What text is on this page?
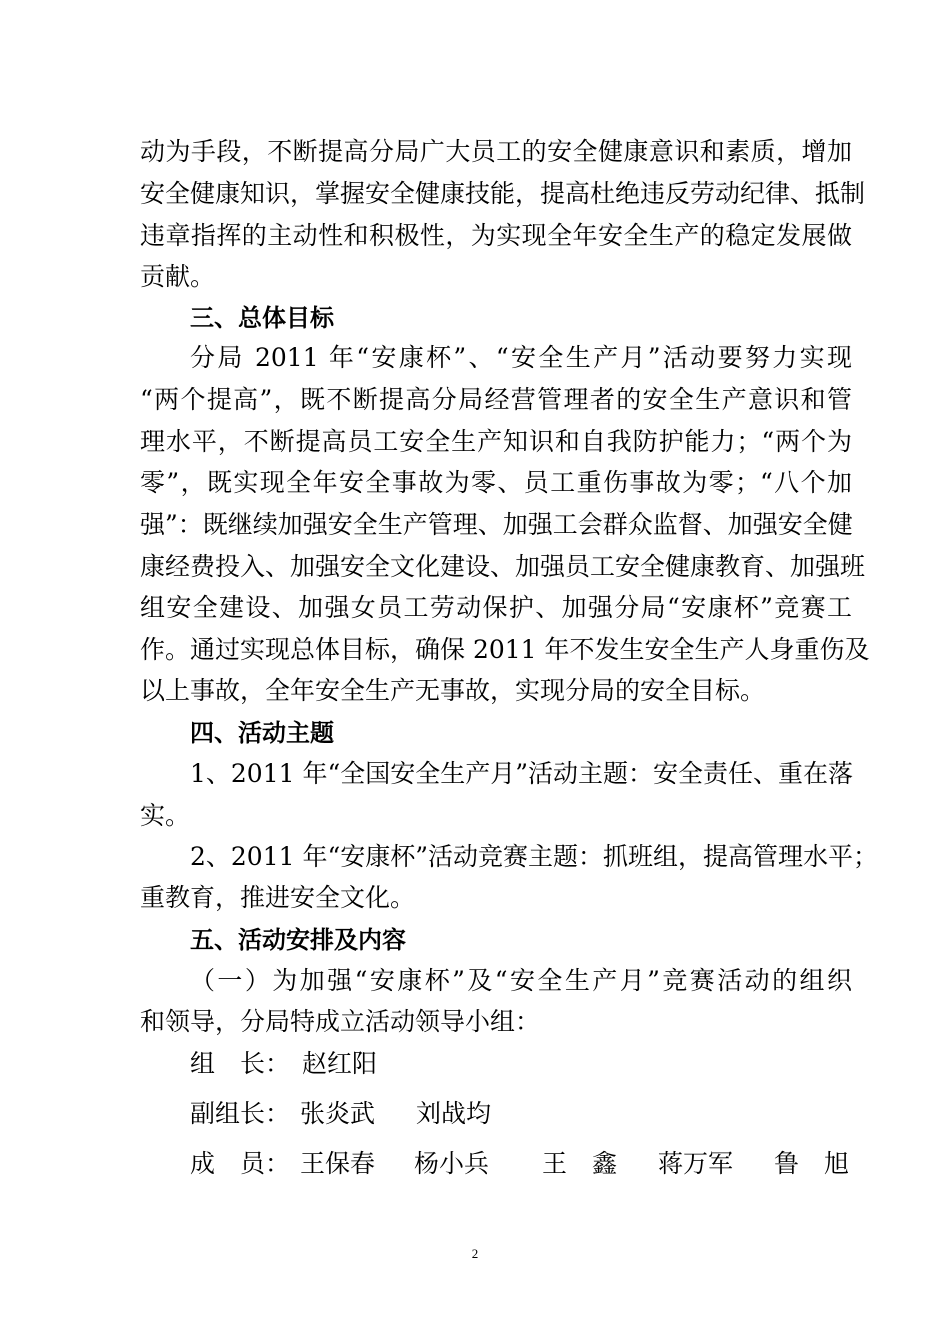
动为手段，不断提高分局广大员工的安全健康意识和素质，增加
安全健康知识，掌握安全健康技能，提高杜绝违反劳动纪律、抵制
违章指挥的主动性和积极性，为实现全年安全生产的稳定发展做
贡献。
三、总体目标
分局 2011 年“安康杯”、“安全生产月”活动要努力实现
“两个提高”，既不断提高分局经营管理者的安全生产意识和管
理水平，不断提高员工安全生产知识和自我防护能力；“两个为
零”，既实现全年安全事故为零、员工重伤事故为零；“八个加
强”：既继续加强安全生产管理、加强工会群众监督、加强安全健
康经费投入、加强安全文化建设、加强员工安全健康教育、加强班
组安全建设、加强女员工劳动保护、加强分局“安康杯”竞赛工
作。通过实现总体目标，确保 2011 年不发生安全生产人身重伤及
以上事故，全年安全生产无事故，实现分局的安全目标。
四、活动主题
1、2011 年“全国安全生产月”活动主题：安全责任、重在落
实。
2、2011 年“安康杯”活动竞赛主题：抓班组，提高管理水平；
重教育，推进安全文化。
五、活动安排及内容
（一）为加强“安康杯”及“安全生产月”竞赛活动的组织
和领导，分局特成立活动领导小组：
组　长： 赵红阳
副组长： 张炎武 刘战均
成　员： 王保春 杨小兵 王　鑫 蒋万军 鲁　旭
2
